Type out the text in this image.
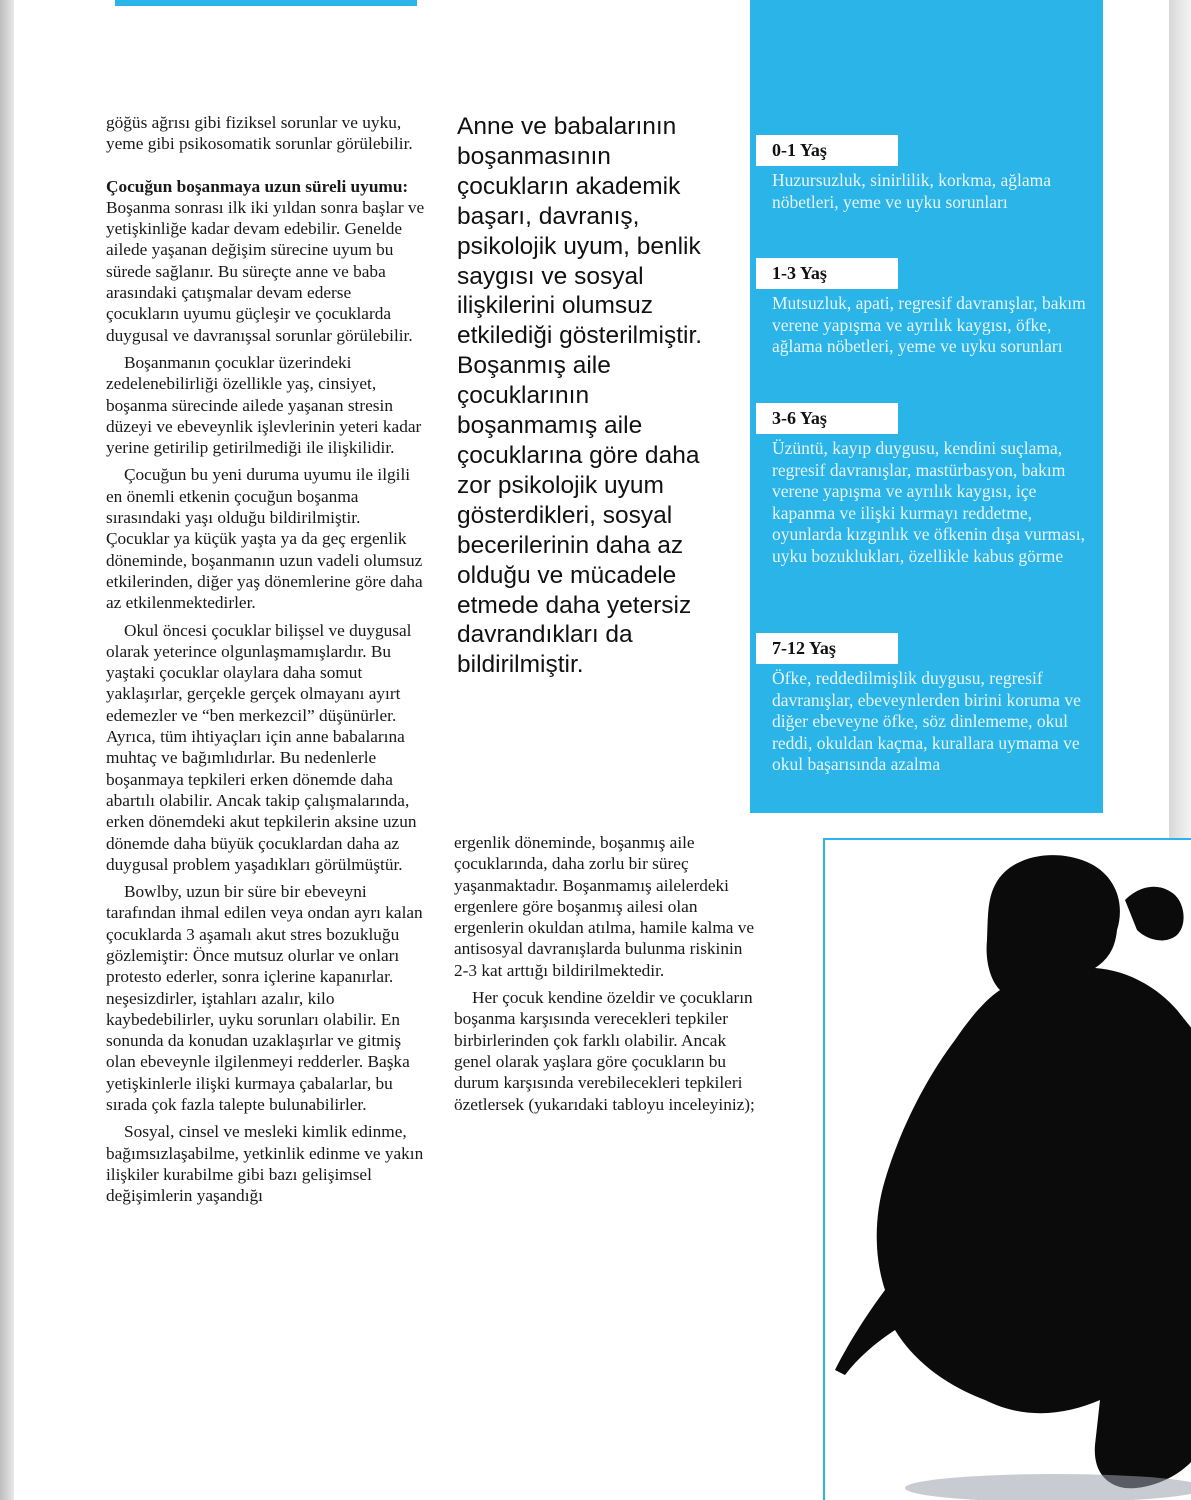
göğüs ağrısı gibi fiziksel sorunlar ve uyku, yeme gibi psikosomatik sorunlar görülebilir.

Çocuğun boşanmaya uzun süreli uyumu: Boşanma sonrası ilk iki yıldan sonra başlar ve yetişkinliğe kadar devam edebilir. Genelde ailede yaşanan değişim sürecine uyum bu sürede sağlanır. Bu süreçte anne ve baba arasındaki çatışmalar devam ederse çocukların uyumu güçleşir ve çocuklarda duygusal ve davranışsal sorunlar görülebilir.

Boşanmanın çocuklar üzerindeki zedelenebilirliği özellikle yaş, cinsiyet, boşanma sürecinde ailede yaşanan stresin düzeyi ve ebeveynlik işlevlerinin yeteri kadar yerine getirilip getirilmediği ile ilişkilidir.

Çocuğun bu yeni duruma uyumu ile ilgili en önemli etkenin çocuğun boşanma sırasındaki yaşı olduğu bildirilmiştir. Çocuklar ya küçük yaşta ya da geç ergenlik döneminde, boşanmanın uzun vadeli olumsuz etkilerinden, diğer yaş dönemlerine göre daha az etkilenmektedirler.

Okul öncesi çocuklar bilişsel ve duygusal olarak yeterince olgunlaşmamışlardır. Bu yaştaki çocuklar olaylara daha somut yaklaşırlar, gerçekle gerçek olmayanı ayırt edemezler ve “ben merkezcil” düşünürler. Ayrıca, tüm ihtiyaçları için anne babalarına muhtaç ve bağımlıdırlar. Bu nedenlerle boşanmaya tepkileri erken dönemde daha abartılı olabilir. Ancak takip çalışmalarında, erken dönemdeki akut tepkilerin aksine uzun dönemde daha büyük çocuklardan daha az duygusal problem yaşadıkları görülmüştür.

Bowlby, uzun bir süre bir ebeveyni tarafından ihmal edilen veya ondan ayrı kalan çocuklarda 3 aşamalı akut stres bozukluğu gözlemiştir: Önce mutsuz olurlar ve onları protesto ederler, sonra içlerine kapanırlar. neşesizdirler, iştahları azalır, kilo kaybedebilirler, uyku sorunları olabilir. En sonunda da konudan uzaklaşırlar ve gitmiş olan ebeveynle ilgilenmeyi redderler. Başka yetişkinlerle ilişki kurmaya çabalarlar, bu sırada çok fazla talepte bulunabilirler.

Sosyal, cinsel ve mesleki kimlik edinme, bağımsızlaşabilme, yetkinlik edinme ve yakın ilişkiler kurabilme gibi bazı gelişimsel değişimlerin yaşandığı

Anne ve babalarının boşanmasının çocukların akademik başarı, davranış, psikolojik uyum, benlik saygısı ve sosyal ilişkilerini olumsuz etkilediği gösterilmiştir. Boşanmış aile çocuklarının boşanmamış aile çocuklarına göre daha zor psikolojik uyum gösterdikleri, sosyal becerilerinin daha az olduğu ve mücadele etmede daha yetersiz davrandıkları da bildirilmiştir.

ergenlik döneminde, boşanmış aile çocuklarında, daha zorlu bir süreç yaşanmaktadır. Boşanmamış ailelerdeki ergenlere göre boşanmış ailesi olan ergenlerin okuldan atılma, hamile kalma ve antisosyal davranışlarda bulunma riskinin 2-3 kat arttığı bildirilmektedir.

Her çocuk kendine özeldir ve çocukların boşanma karşısında verecekleri tepkiler birbirlerinden çok farklı olabilir. Ancak genel olarak yaşlara göre çocukların bu durum karşısında verebilecekleri tepkileri özetlersek (yukarıdaki tabloyu inceleyiniz);

0-1 Yaş
Huzursuzluk, sinirlilik, korkma, ağlama nöbetleri, yeme ve uyku sorunları
1-3 Yaş
Mutsuzluk, apati, regresif davranışlar, bakım verene yapışma ve ayrılık kaygısı, öfke, ağlama nöbetleri, yeme ve uyku sorunları
3-6 Yaş
Üzüntü, kayıp duygusu, kendini suçlama, regresif davranışlar, mastürbasyon, bakım verene yapışma ve ayrılık kaygısı, içe kapanma ve ilişki kurmayı reddetme, oyunlarda kızgınlık ve öfkenin dışa vurması, uyku bozuklukları, özellikle kabus görme
7-12 Yaş
Öfke, reddedilmişlik duygusu, regresif davranışlar, ebeveynlerden birini koruma ve diğer ebeveyne öfke, söz dinlememe, okul reddi, okuldan kaçma, kurallara uymama ve okul başarısında azalma
